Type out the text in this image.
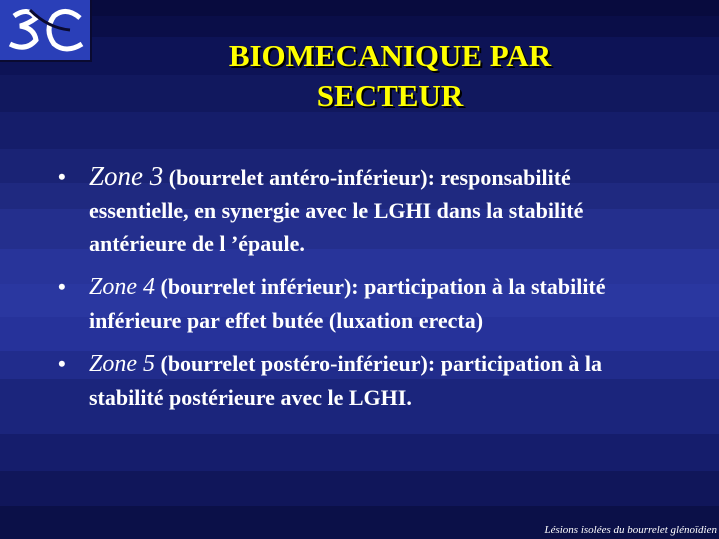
BIOMECANIQUE PAR
SECTEUR
• Zone 3 (bourrelet antéro-inférieur): responsabilité essentielle, en synergie avec le LGHI dans la stabilité antérieure de l ’épaule.
• Zone 4 (bourrelet inférieur): participation à la stabilité inférieure par effet butée (luxation erecta)
• Zone 5 (bourrelet postéro-inférieur): participation à la stabilité postérieure avec le LGHI.
Lésions isolées du bourrelet glénoïdien
